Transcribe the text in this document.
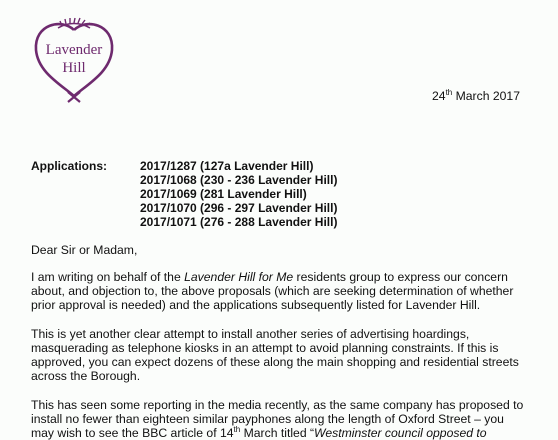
Lavender
Hill
24th March 2017
Applications:	2017/1287 (127a Lavender Hill)
2017/1068 (230 - 236 Lavender Hill)
2017/1069 (281 Lavender Hill)
2017/1070 (296 - 297 Lavender Hill)
2017/1071 (276 - 288 Lavender Hill)
Dear Sir or Madam,

I am writing on behalf of the Lavender Hill for Me residents group to express our concern
about, and objection to, the above proposals (which are seeking determination of whether
prior approval is needed) and the applications subsequently listed for Lavender Hill.

This is yet another clear attempt to install another series of advertising hoardings,
masquerading as telephone kiosks in an attempt to avoid planning constraints. If this is
approved, you can expect dozens of these along the main shopping and residential streets
across the Borough.

This has seen some reporting in the media recently, as the same company has proposed to
install no fewer than eighteen similar payphones along the length of Oxford Street – you
may wish to see the BBC article of 14th March titled “Westminster council opposed to
